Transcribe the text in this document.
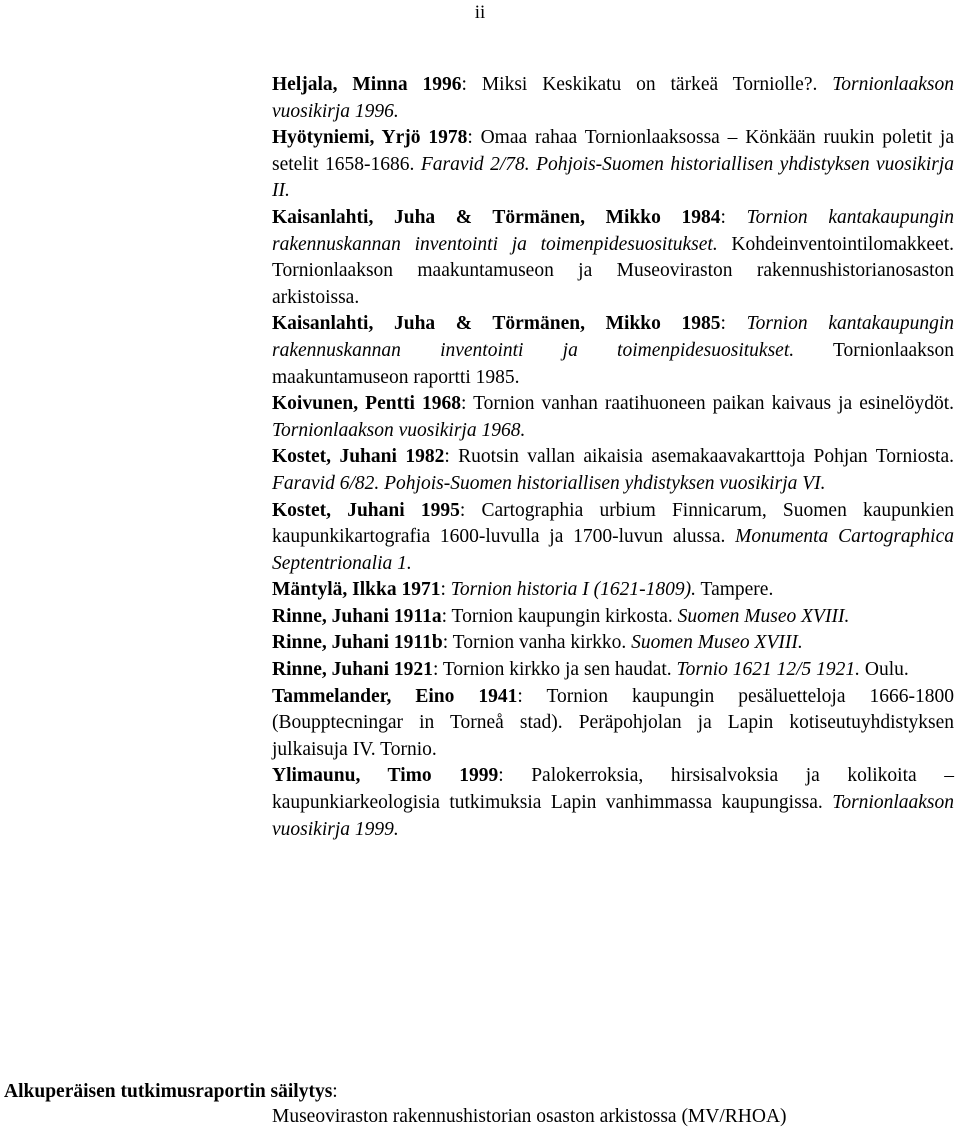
ii

Heljala, Minna 1996: Miksi Keskikatu on tärkeä Torniolle?. Tornionlaakson vuosikirja 1996.

Hyötyniemi, Yrjö 1978: Omaa rahaa Tornionlaaksossa – Könkään ruukin poletit ja setelit 1658-1686. Faravid 2/78. Pohjois-Suomen historiallisen yhdistyksen vuosikirja II.

Kaisanlahti, Juha & Törmänen, Mikko 1984: Tornion kantakaupungin rakennuskannan inventointi ja toimenpidesuositukset. Kohdeinventointilomakkeet. Tornionlaakson maakuntamuseon ja Museoviraston rakennushistorianosaston arkistoissa.

Kaisanlahti, Juha & Törmänen, Mikko 1985: Tornion kantakaupungin rakennuskannan inventointi ja toimenpidesuositukset. Tornionlaakson maakuntamuseon raportti 1985.

Koivunen, Pentti 1968: Tornion vanhan raatihuoneen paikan kaivaus ja esinelöydöt. Tornionlaakson vuosikirja 1968.

Kostet, Juhani 1982: Ruotsin vallan aikaisia asemakaavakarttoja Pohjan Torniosta. Faravid 6/82. Pohjois-Suomen historiallisen yhdistyksen vuosikirja VI.

Kostet, Juhani 1995: Cartographia urbium Finnicarum, Suomen kaupunkien kaupunkikartografia 1600-luvulla ja 1700-luvun alussa. Monumenta Cartographica Septentrionalia 1.

Mäntylä, Ilkka 1971: Tornion historia I (1621-1809). Tampere.

Rinne, Juhani 1911a: Tornion kaupungin kirkosta. Suomen Museo XVIII.

Rinne, Juhani 1911b: Tornion vanha kirkko. Suomen Museo XVIII.

Rinne, Juhani 1921: Tornion kirkko ja sen haudat. Tornio 1621 12/5 1921. Oulu.

Tammelander, Eino 1941: Tornion kaupungin pesäluetteloja 1666-1800 (Boupptecningar in Torneå stad). Peräpohjolan ja Lapin kotiseutuyhdistyksen julkaisuja IV. Tornio.

Ylimaunu, Timo 1999: Palokerroksia, hirsisalvoksia ja kolikoita – kaupunkiarkeologisia tutkimuksia Lapin vanhimmassa kaupungissa. Tornionlaakson vuosikirja 1999.

Alkuperäisen tutkimusraportin säilytys:
Museoviraston rakennushistorian osaston arkistossa (MV/RHOA)
